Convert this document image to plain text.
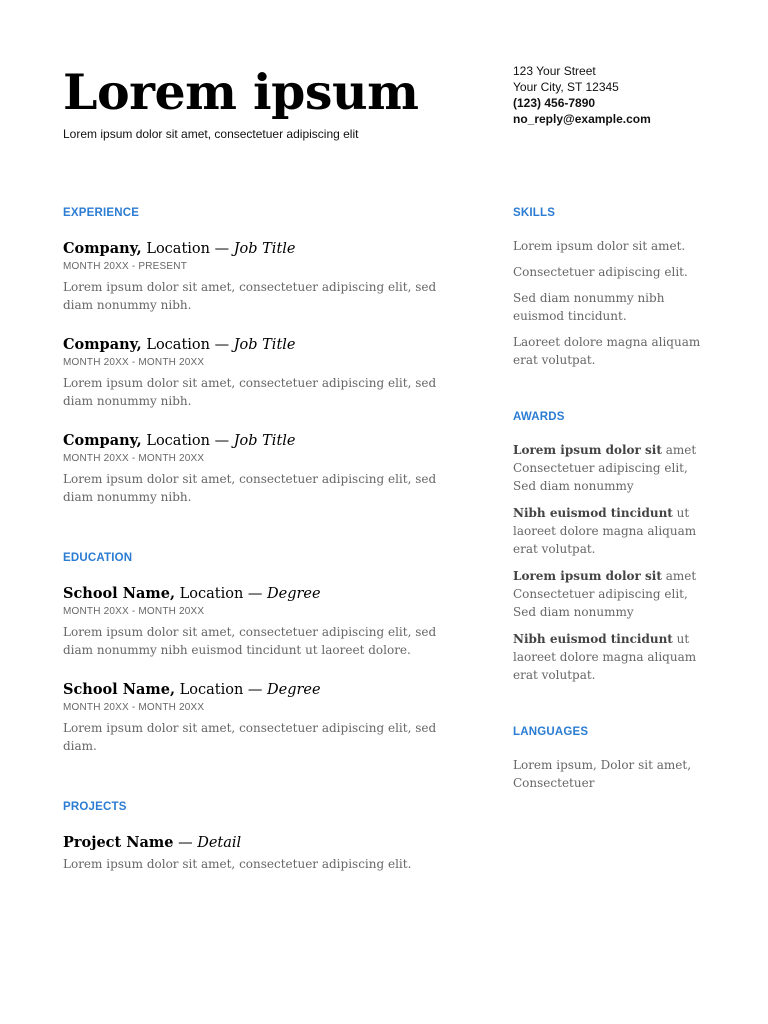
Lorem ipsum

Lorem ipsum dolor sit amet, consectetuer adipiscing elit

123 Your Street
Your City, ST 12345
(123) 456-7890
no_reply@example.com
EXPERIENCE

Company, Location — Job Title

MONTH 20XX - PRESENT
Lorem ipsum dolor sit amet, consectetuer adipiscing elit, sed diam nonummy nibh.

Company, Location — Job Title

MONTH 20XX - MONTH 20XX
Lorem ipsum dolor sit amet, consectetuer adipiscing elit, sed diam nonummy nibh.

Company, Location — Job Title

MONTH 20XX - MONTH 20XX
Lorem ipsum dolor sit amet, consectetuer adipiscing elit, sed diam nonummy nibh.
EDUCATION

School Name, Location — Degree

MONTH 20XX - MONTH 20XX
Lorem ipsum dolor sit amet, consectetuer adipiscing elit, sed diam nonummy nibh euismod tincidunt ut laoreet dolore.

School Name, Location — Degree

MONTH 20XX - MONTH 20XX
Lorem ipsum dolor sit amet, consectetuer adipiscing elit, sed diam.
PROJECTS

Project Name — Detail

Lorem ipsum dolor sit amet, consectetuer adipiscing elit.
SKILLS
Lorem ipsum dolor sit amet.
Consectetuer adipiscing elit.
Sed diam nonummy nibh euismod tincidunt.
Laoreet dolore magna aliquam erat volutpat.
AWARDS
Lorem ipsum dolor sit amet Consectetuer adipiscing elit, Sed diam nonummy
Nibh euismod tincidunt ut laoreet dolore magna aliquam erat volutpat.
Lorem ipsum dolor sit amet Consectetuer adipiscing elit, Sed diam nonummy
Nibh euismod tincidunt ut laoreet dolore magna aliquam erat volutpat.
LANGUAGES
Lorem ipsum, Dolor sit amet, Consectetuer
